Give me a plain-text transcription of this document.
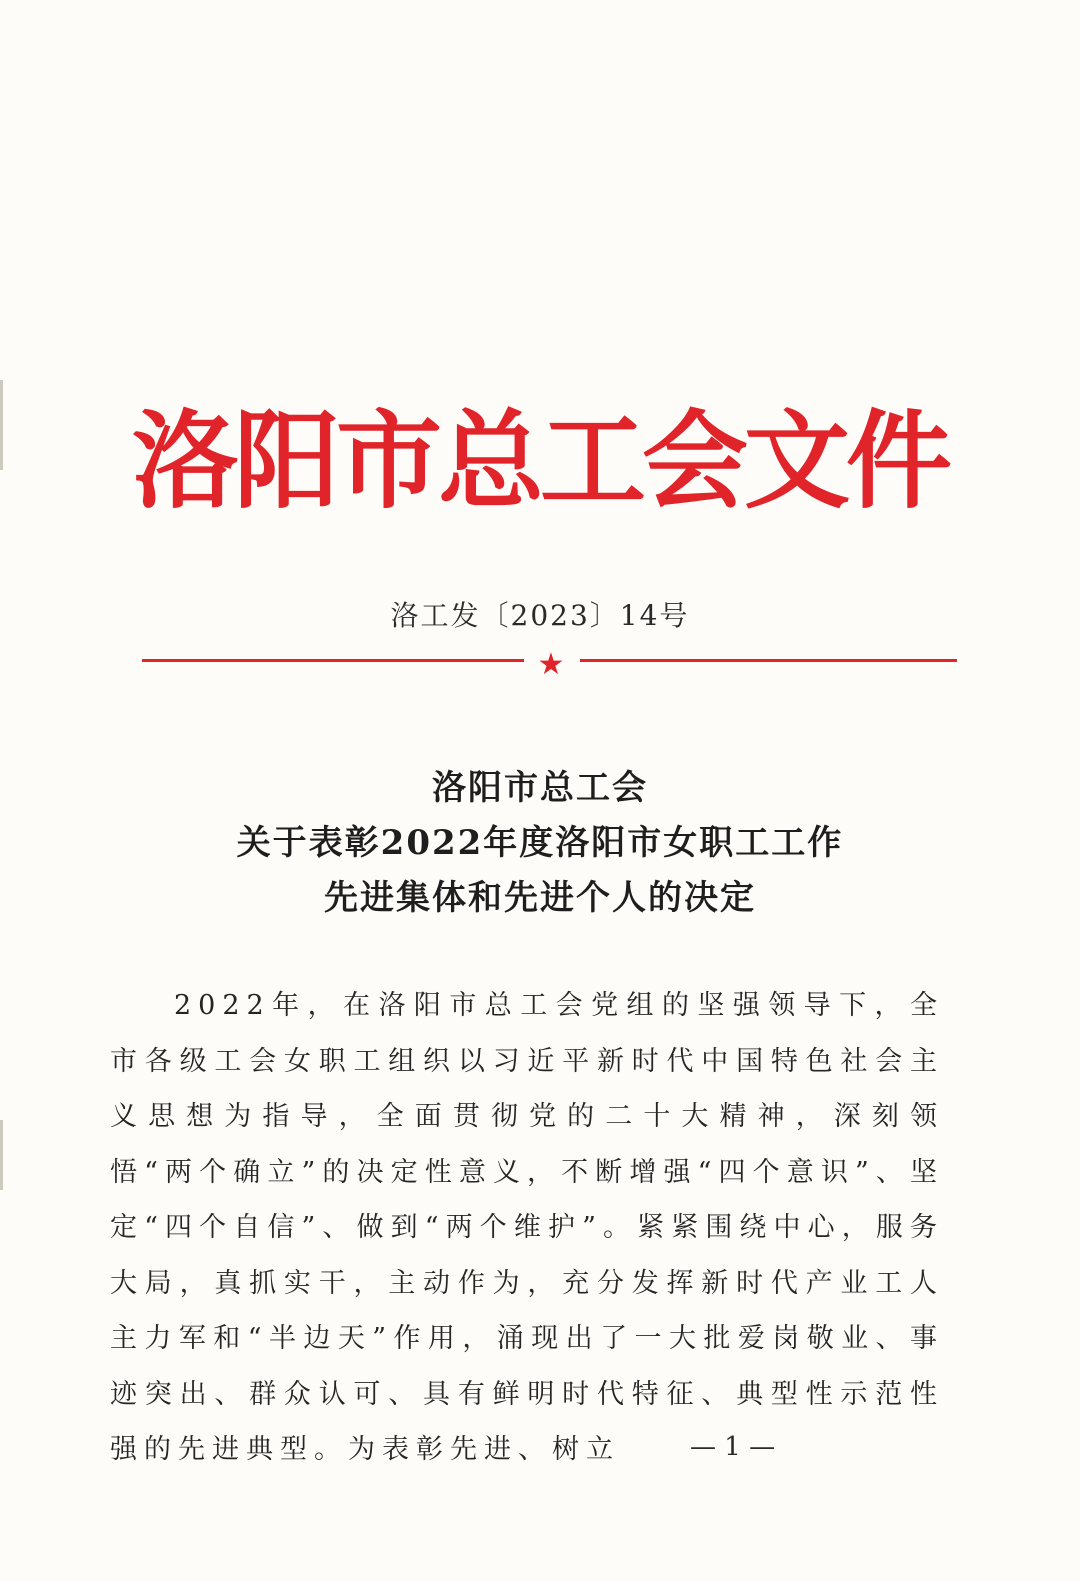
洛阳市总工会文件
洛工发〔2023〕14号
★
洛阳市总工会
关于表彰2022年度洛阳市女职工工作
先进集体和先进个人的决定
2022年，在洛阳市总工会党组的坚强领导下，全市各级工会女职工组织以习近平新时代中国特色社会主义思想为指导，全面贯彻党的二十大精神，深刻领悟“两个确立”的决定性意义，不断增强“四个意识”、坚定“四个自信”、做到“两个维护”。紧紧围绕中心，服务大局，真抓实干，主动作为，充分发挥新时代产业工人主力军和“半边天”作用，涌现出了一大批爱岗敬业、事迹突出、群众认可、具有鲜明时代特征、典型性示范性强的先进典型。为表彰先进、树立	— 1 —
